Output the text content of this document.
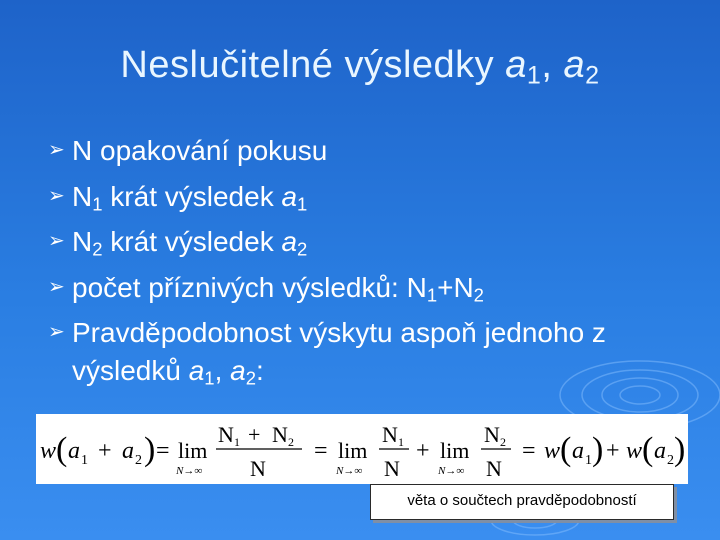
Neslučitelné výsledky $a_1$, $a_2$
➢ N opakování pokusu
➢ $N_1$ krát výsledek $a_1$
➢ $N_2$ krát výsledek $a_2$
➢ počet příznivých výsledků: $N_1+N_2$
➢ Pravděpodobnost výskytu aspoň jednoho z
výsledků $a_1$, $a_2$:
w ( a 1 + a 2 ) = lim
N→∞
N 1 + N 2
N
= lim
N→∞
N 1
N
+ lim
N→∞
N 2
N
= w ( a 1 ) + w ( a 2 )
věta o součtech pravděpodobností
